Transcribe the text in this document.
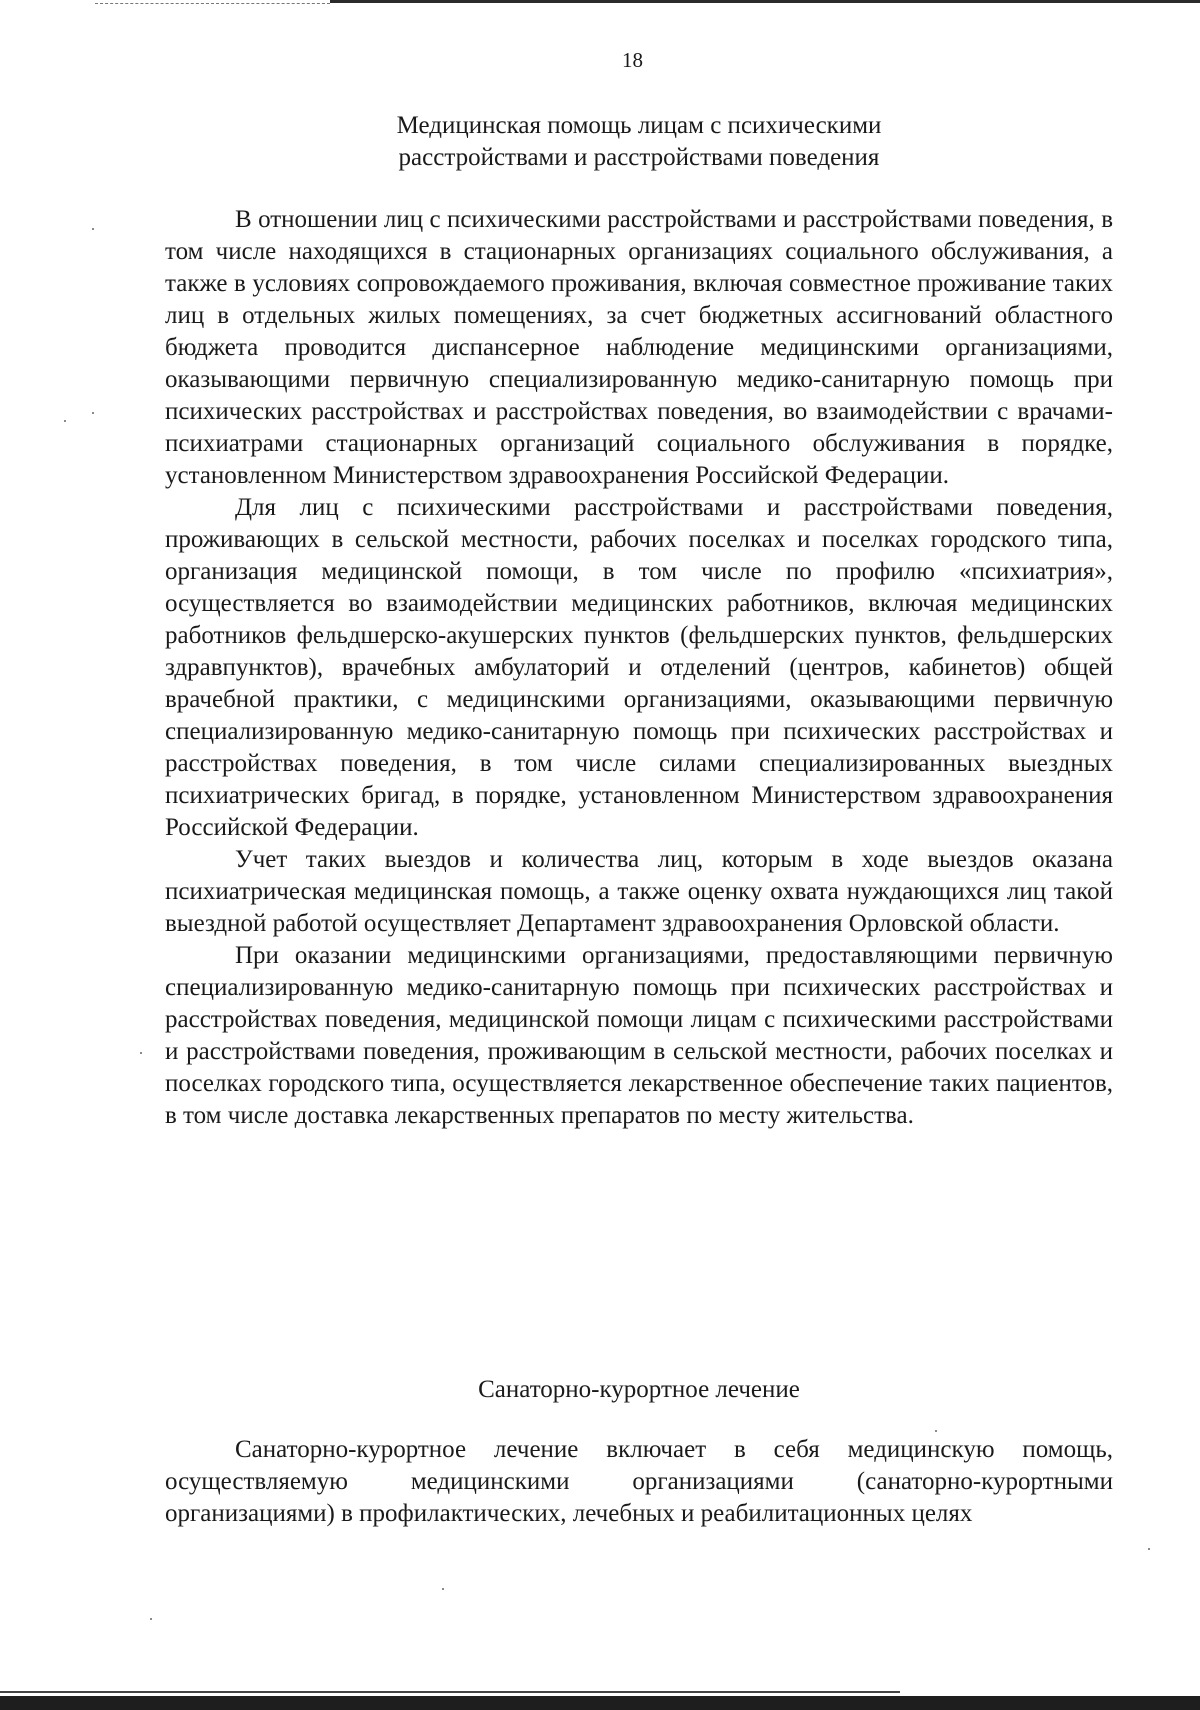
18
Медицинская помощь лицам с психическими
расстройствами и расстройствами поведения

В отношении лиц с психическими расстройствами и расстройствами поведения, в том числе находящихся в стационарных организациях социального обслуживания, а также в условиях сопровождаемого проживания, включая совместное проживание таких лиц в отдельных жилых помещениях, за счет бюджетных ассигнований областного бюджета проводится диспансерное наблюдение медицинскими организациями, оказывающими первичную специализированную медико-санитарную помощь при психических расстройствах и расстройствах поведения, во взаимодействии с врачами-психиатрами стационарных организаций социального обслуживания в порядке, установленном Министерством здравоохранения Российской Федерации.

Для лиц с психическими расстройствами и расстройствами поведения, проживающих в сельской местности, рабочих поселках и поселках городского типа, организация медицинской помощи, в том числе по профилю «психиатрия», осуществляется во взаимодействии медицинских работников, включая медицинских работников фельдшерско-акушерских пунктов (фельдшерских пунктов, фельдшерских здравпунктов), врачебных амбулаторий и отделений (центров, кабинетов) общей врачебной практики, с медицинскими организациями, оказывающими первичную специализированную медико-санитарную помощь при психических расстройствах и расстройствах поведения, в том числе силами специализированных выездных психиатрических бригад, в порядке, установленном Министерством здравоохранения Российской Федерации.

Учет таких выездов и количества лиц, которым в ходе выездов оказана психиатрическая медицинская помощь, а также оценку охвата нуждающихся лиц такой выездной работой осуществляет Департамент здравоохранения Орловской области.

При оказании медицинскими организациями, предоставляющими первичную специализированную медико-санитарную помощь при психических расстройствах и расстройствах поведения, медицинской помощи лицам с психическими расстройствами и расстройствами поведения, проживающим в сельской местности, рабочих поселках и поселках городского типа, осуществляется лекарственное обеспечение таких пациентов, в том числе доставка лекарственных препаратов по месту жительства.

Санаторно-курортное лечение

Санаторно-курортное лечение включает в себя медицинскую помощь, осуществляемую медицинскими организациями (санаторно-курортными организациями) в профилактических, лечебных и реабилитационных целях
